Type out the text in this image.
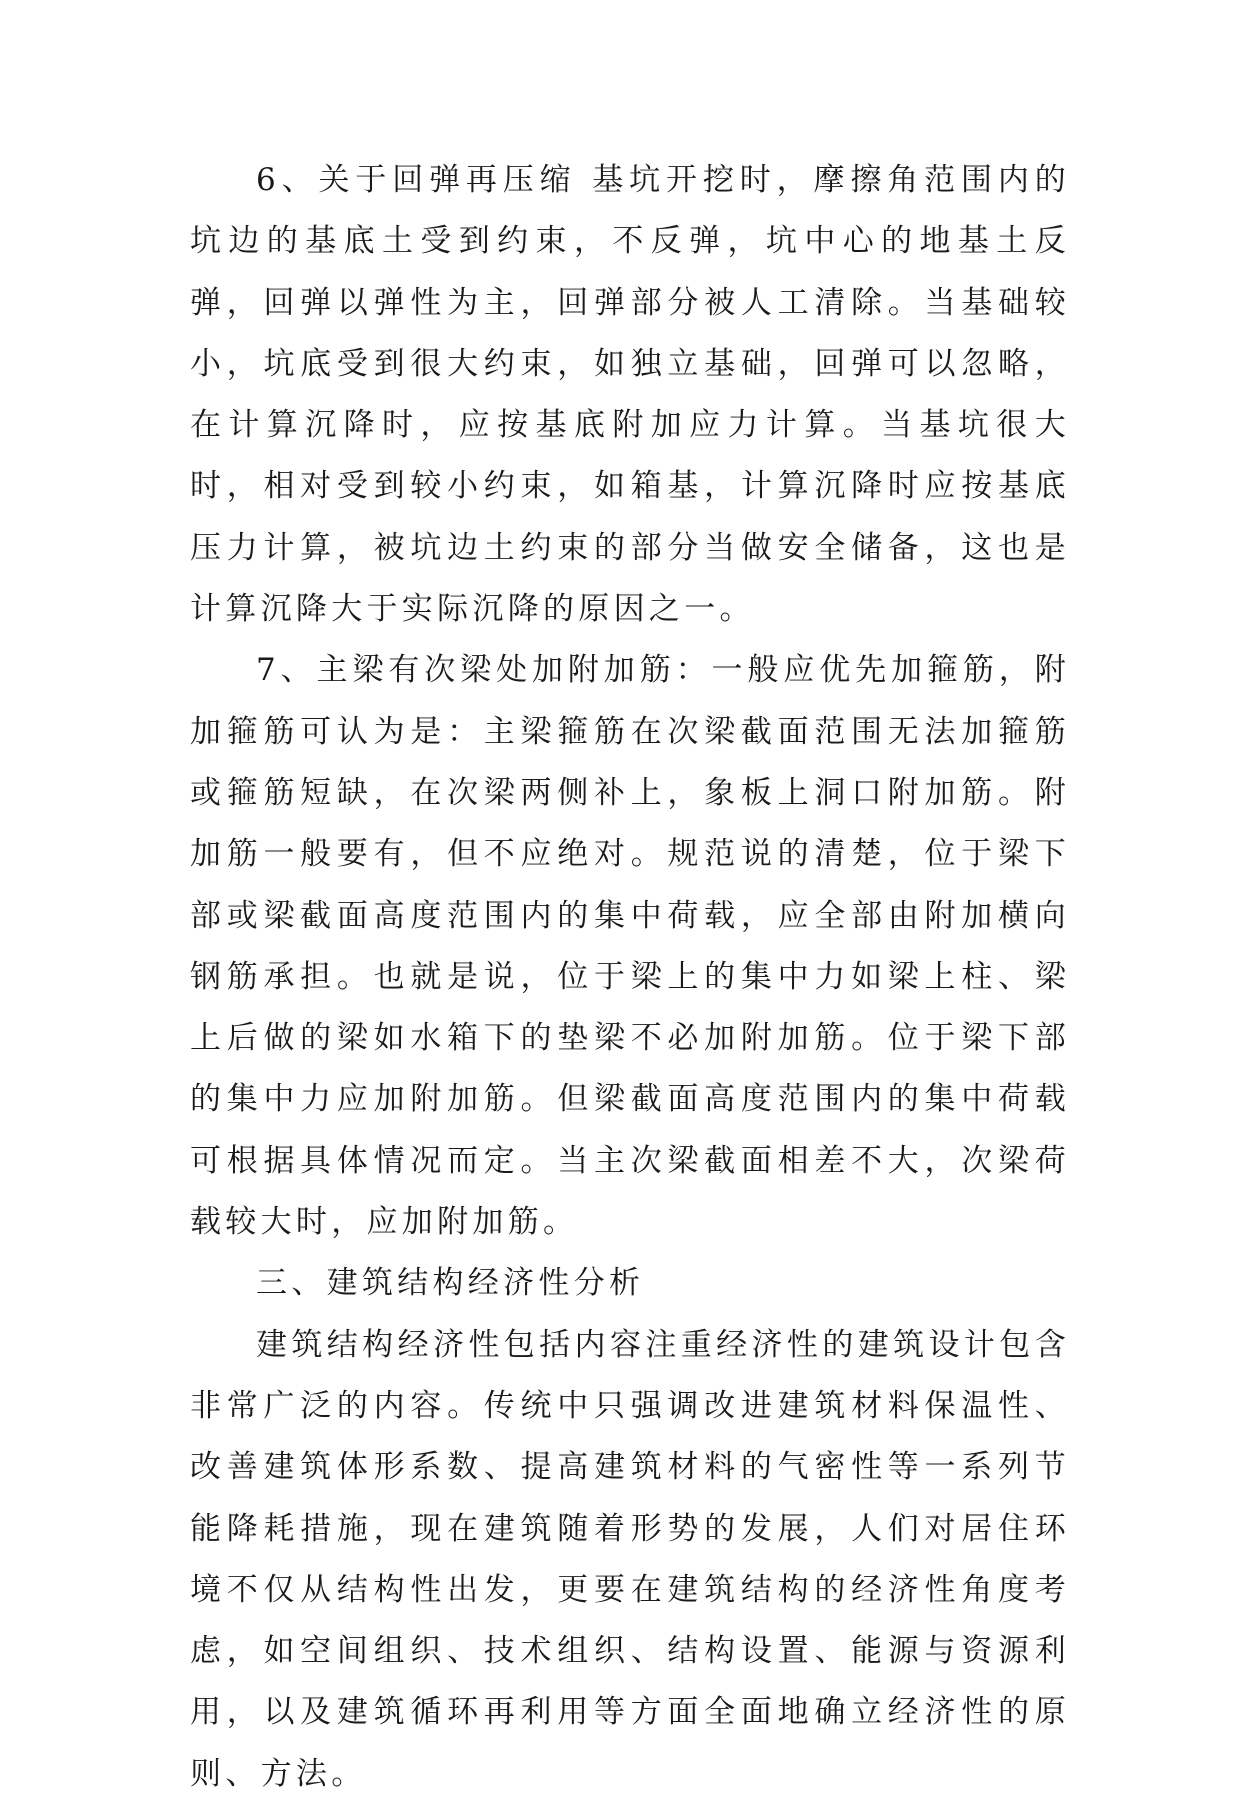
6、关于回弹再压缩 基坑开挖时，摩擦角范围内的坑边的基底土受到约束，不反弹，坑中心的地基土反弹，回弹以弹性为主，回弹部分被人工清除。当基础较小，坑底受到很大约束，如独立基础，回弹可以忽略，在计算沉降时，应按基底附加应力计算。当基坑很大时，相对受到较小约束，如箱基，计算沉降时应按基底压力计算，被坑边土约束的部分当做安全储备，这也是计算沉降大于实际沉降的原因之一。

7、主梁有次梁处加附加筋：一般应优先加箍筋，附加箍筋可认为是：主梁箍筋在次梁截面范围无法加箍筋或箍筋短缺，在次梁两侧补上，象板上洞口附加筋。附加筋一般要有，但不应绝对。规范说的清楚，位于梁下部或梁截面高度范围内的集中荷载，应全部由附加横向钢筋承担。也就是说，位于梁上的集中力如梁上柱、梁上后做的梁如水箱下的垫梁不必加附加筋。位于梁下部的集中力应加附加筋。但梁截面高度范围内的集中荷载可根据具体情况而定。当主次梁截面相差不大，次梁荷载较大时，应加附加筋。

三、建筑结构经济性分析

建筑结构经济性包括内容注重经济性的建筑设计包含非常广泛的内容。传统中只强调改进建筑材料保温性、改善建筑体形系数、提高建筑材料的气密性等一系列节能降耗措施，现在建筑随着形势的发展，人们对居住环境不仅从结构性出发，更要在建筑结构的经济性角度考虑，如空间组织、技术组织、结构设置、能源与资源利用，以及建筑循环再利用等方面全面地确立经济性的原则、方法。
